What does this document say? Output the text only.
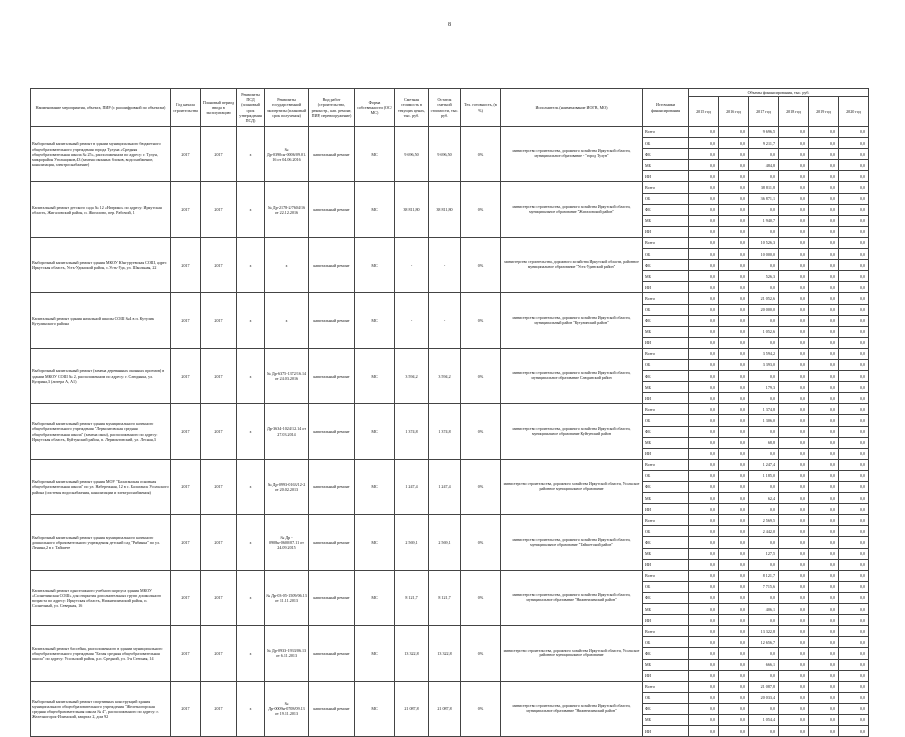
8
Наименование мероприятия, объекта, ПИР (с расшифровкой по объектам)	Год начала строительства	Плановый период ввода в эксплуатацию	Реквизиты ПСД (плановый срок утверждения ПСД)	Реквизиты государственной экспертизы (плановый срок получения)	Вид работ (строительство, реконстр., кап. ремонт, ПИР, перевооружение)	Форма собственности (ОС/МС)	Сметная стоимость в текущих ценах, тыс. руб.	Остаток сметной стоимости, тыс. руб.	Тех. готовность, (в %)	Исполнитель (наименование ИОГВ, МО)	Источники финансирования	Объемы финансирования, тыс. руб.					
												2015 год	2016 год	2017 год	2018 год	2019 год	2020 год
Выборочный капитальный ремонт в здании муниципального бюджетного общеобразовательного учреждения города Тулуна «Средняя общеобразовательная школа № 25», расположенном по адресу: г. Тулун, микрорайон Угольщиков,43 (замена оконных блоков, водоснабжение, канализация, электроснабжение)	2017	2017	х	№ Др-0390сн-0006/09.01.16 от 04.06.2016	капитальный ремонт	МС	9 696,50	9 696,50	0%	министерство строительства, дорожного хозяйства Иркутской области, муниципальное образование - "город Тулун"	Всего	0,0	0,0	9 696,5	0,0	0,0	0,0
											ОБ	0,0	0,0	9 211,7	0,0	0,0	0,0
											ФБ	0,0	0,0	0,0	0,0	0,0	0,0
											МБ	0,0	0,0	484,8	0,0	0,0	0,0
											ИИ	0,0	0,0	0,0	0,0	0,0	0,0
Капитальный ремонт детского сада № 12 «Натрико» по адресу: Иркутская область, Жигаловский район, п. Жигалово, пер. Рабочий, 1	2017	2017	х	№ Др-2178-2/7604/16 от 22.12.2016	капитальный ремонт	МС	38 811,80	38 811,80	0%	министерство строительства, дорожного хозяйства Иркутской области, муниципальное образование "Жигаловский район"	Всего	0,0	0,0	38 811,8	0,0	0,0	0,0
											ОБ	0,0	0,0	36 871,1	0,0	0,0	0,0
											ФБ	0,0	0,0	0,0	0,0	0,0	0,0
											МБ	0,0	0,0	1 940,7	0,0	0,0	0,0
											ИИ	0,0	0,0	0,0	0,0	0,0	0,0
Выборочный капитальный ремонт здания МКОУ Юнгуруевская СОШ, адрес Иркутская область, Усть-Удинский район, с.Усть-Уда, ул. Школьная, 22	2017	2017	х	х	капитальный ремонт	МС	-	-	0%	министерство строительства, дорожного хозяйства Иркутской области, районное муниципальное образование "Усть-Удинский район"	Всего	0,0	0,0	10 526,3	0,0	0,0	0,0
											ОБ	0,0	0,0	10 000,0	0,0	0,0	0,0
											ФБ	0,0	0,0	0,0	0,0	0,0	0,0
											МБ	0,0	0,0	526,3	0,0	0,0	0,0
											ИИ	0,0	0,0	0,0	0,0	0,0	0,0
Капитальный ремонт здания начальной школы СОШ №4 в п. Кутулик Кутулинского района	2017	2017	х	х	капитальный ремонт	МС	-	-	0%	министерство строительства, дорожного хозяйства Иркутской области, муниципальный район "Кутулинский район"	Всего	0,0	0,0	21 052,6	0,0	0,0	0,0
											ОБ	0,0	0,0	20 000,0	0,0	0,0	0,0
											ФБ	0,0	0,0	0,0	0,0	0,0	0,0
											МБ	0,0	0,0	1 052,6	0,0	0,0	0,0
											ИИ	0,0	0,0	0,0	0,0	0,0	0,0
Выборочный капитальный ремонт (замена деревянных оконных проемов) в здании МКОУ СОШ № 2, расположенном по адресу: г. Слюдянка, ул. Куприна,3 (литера А, А1)	2017	2017	х	№ Др-6375-1372/16.14 от 24.03.2016	капитальный ремонт	МС	3 594,2	3 594,2	0%	министерство строительства, дорожного хозяйства Иркутской области, муниципальное образование Слюдянский район	Всего	0,0	0,0	3 594,2	0,0	0,0	0,0
											ОБ	0,0	0,0	3 393,0	0,0	0,0	0,0
											ФБ	0,0	0,0	0,0	0,0	0,0	0,0
											МБ	0,0	0,0	179,3	0,0	0,0	0,0
											ИИ	0,0	0,0	0,0	0,0	0,0	0,0
Выборочный капитальный ремонт здания муниципального казенного общеобразовательного учреждения "Лермонтовская средняя общеобразовательная школа" (замена окон), расположенного по адресу: Иркутская область, Куйтунский район, п. Лермонтовский, ул. Лесная,3	2017	2017	х	Др-3634-1024/12.14 от 27.03.2014	капитальный ремонт	МС	1 374,8	1 374,8	0%	министерство строительства, дорожного хозяйства Иркутской области, муниципальное образование Куйтунский район	Всего	0,0	0,0	1 374,8	0,0	0,0	0,0
											ОБ	0,0	0,0	1 306,0	0,0	0,0	0,0
											ФБ	0,0	0,0	0,0	0,0	0,0	0,0
											МБ	0,0	0,0	68,8	0,0	0,0	0,0
											ИИ	0,0	0,0	0,0	0,0	0,0	0,0
Выборочный капитальный ремонт здания МОУ "Балаганская основная общеобразовательная школа" по ул. Набережная, 12 в с. Балаганск Усольского района (системы водоснабжения, канализации и электроснабжения)	2017	2017	х	№ Др-0993-0163/12-2 от 20.02.2013	капитальный ремонт	МС	1 247,4	1 247,4	0%	министерство строительства, дорожного хозяйства Иркутской области, Усольское районное муниципальное образование	Всего	0,0	0,0	1 247,4	0,0	0,0	0,0
											ОБ	0,0	0,0	1 185,0	0,0	0,0	0,0
											ФБ	0,0	0,0	0,0	0,0	0,0	0,0
											МБ	0,0	0,0	62,4	0,0	0,0	0,0
											ИИ	0,0	0,0	0,0	0,0	0,0	0,0
Выборочный капитальный ремонт здания муниципального казенного дошкольного образовательного учреждения детский сад "Рябинка" по ул. Ленина,2 в г. Тайшете	2017	2017	х	№ Др - 0908н-0600/07.11 от 24.09.2015	капитальный ремонт	МС	2 569,1	2 569,1	0%	министерство строительства, дорожного хозяйства Иркутской области, муниципальное образование "Тайшетский район"	Всего	0,0	0,0	2 569,5	0,0	0,0	0,0
											ОБ	0,0	0,0	2 442,0	0,0	0,0	0,0
											ФБ	0,0	0,0	0,0	0,0	0,0	0,0
											МБ	0,0	0,0	127,5	0,0	0,0	0,0
											ИИ	0,0	0,0	0,0	0,0	0,0	0,0
Капитальный ремонт одноэтажного учебного корпуса здания МКОУ «Солнечинская СОШ» для открытия дополнительных групп дошкольного возраста по адресу: Иркутская область, Нижнеилимский район, п. Солнечный, ул. Северная, 16	2017	2017	х	№ Др-03-05-1509/06.13 от 11.11.2013	капитальный ремонт	МС	8 121,7	8 121,7	0%	министерство строительства, дорожного хозяйства Иркутской области, муниципальное образование "Нижнеилимский район"	Всего	0,0	0,0	8 121,7	0,0	0,0	0,0
											ОБ	0,0	0,0	7 715,6	0,0	0,0	0,0
											ФБ	0,0	0,0	0,0	0,0	0,0	0,0
											МБ	0,0	0,0	406,1	0,0	0,0	0,0
											ИИ	0,0	0,0	0,0	0,0	0,0	0,0
Капитальный ремонт бассейна, расположенного в здании муниципального общеобразовательного учреждения "Белая средняя общеобразовательная школа" по адресу: Усольский район, р.п. Средний, ул. 3-я Степная, 14	2017	2017	х	№ Др-0933-1933/06.13 от 6.11.2013	капитальный ремонт	МС	13 322,8	13 322,8	0%	министерство строительства, дорожного хозяйства Иркутской области, Усольское районное муниципальное образование	Всего	0,0	0,0	13 322,8	0,0	0,0	0,0
											ОБ	0,0	0,0	12 656,7	0,0	0,0	0,0
											ФБ	0,0	0,0	0,0	0,0	0,0	0,0
											МБ	0,0	0,0	666,1	0,0	0,0	0,0
											ИИ	0,0	0,0	0,0	0,0	0,0	0,0
Выборочный капитальный ремонт спортивных конструкций здания муниципального общеобразовательного учреждения "Железногорская средняя общеобразовательная школа № 4", расположенного по адресу: г. Железногорск-Илимский, квартал 2, дом 92	2017	2017	х	№ Др-0009н-0708/09.13 от 19.11.2013	капитальный ремонт	МС	21 087,8	21 087,8	0%	министерство строительства, дорожного хозяйства Иркутской области, муниципальное образование "Нижнеилимский район"	Всего	0,0	0,0	21 087,8	0,0	0,0	0,0
											ОБ	0,0	0,0	20 033,4	0,0	0,0	0,0
											ФБ	0,0	0,0	0,0	0,0	0,0	0,0
											МБ	0,0	0,0	1 054,4	0,0	0,0	0,0
											ИИ	0,0	0,0	0,0	0,0	0,0	0,0
